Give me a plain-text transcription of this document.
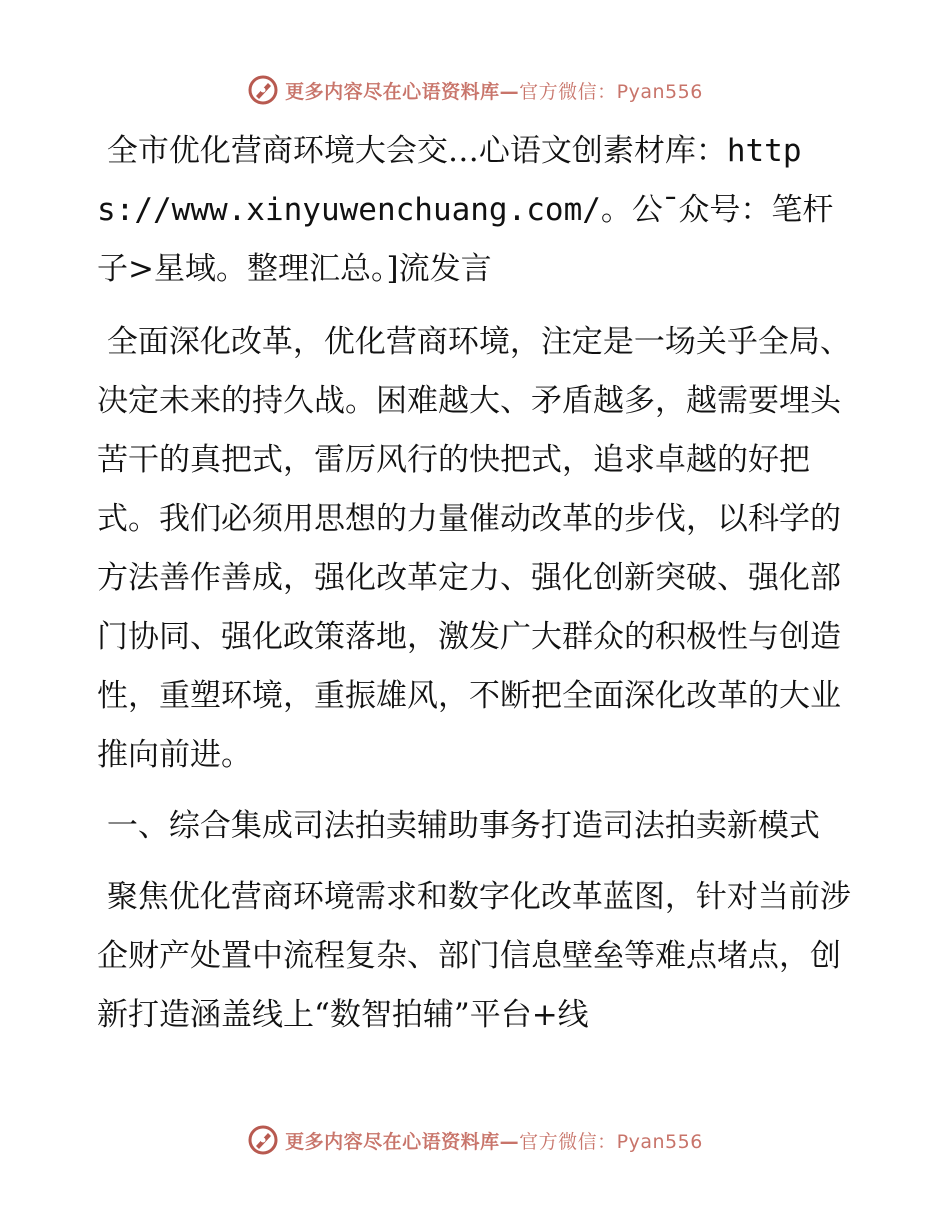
更多内容尽在心语资料库—官方微信：Pyan556

全市优化营商环境大会交…心语文创素材库：https://www.xinyuwenchuang.com/。公¯众号：笔杆子>星域。整理汇总。]流发言

全面深化改革，优化营商环境，注定是一场关乎全局、决定未来的持久战。困难越大、矛盾越多，越需要埋头苦干的真把式，雷厉风行的快把式，追求卓越的好把式。我们必须用思想的力量催动改革的步伐，以科学的方法善作善成，强化改革定力、强化创新突破、强化部门协同、强化政策落地，激发广大群众的积极性与创造性，重塑环境，重振雄风，不断把全面深化改革的大业推向前进。

一、综合集成司法拍卖辅助事务打造司法拍卖新模式

聚焦优化营商环境需求和数字化改革蓝图，针对当前涉企财产处置中流程复杂、部门信息壁垒等难点堵点，创新打造涵盖线上“数智拍辅”平台+线

更多内容尽在心语资料库—官方微信：Pyan556
